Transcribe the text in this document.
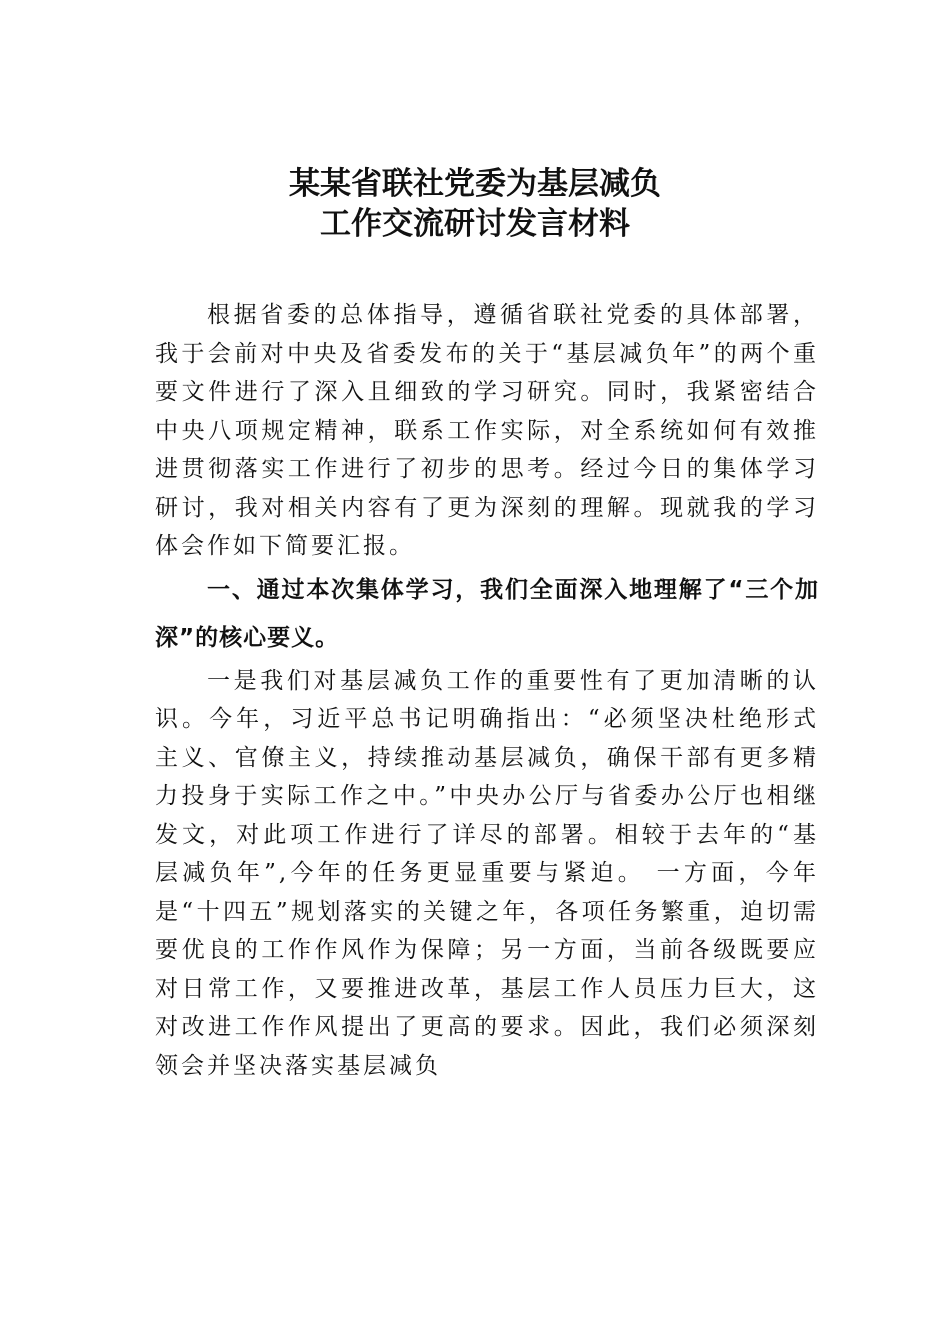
某某省联社党委为基层减负
工作交流研讨发言材料

根据省委的总体指导，遵循省联社党委的具体部署，我于会前对中央及省委发布的关于“基层减负年”的两个重要文件进行了深入且细致的学习研究。同时，我紧密结合中央八项规定精神，联系工作实际，对全系统如何有效推进贯彻落实工作进行了初步的思考。经过今日的集体学习研讨，我对相关内容有了更为深刻的理解。现就我的学习体会作如下简要汇报。

一、通过本次集体学习，我们全面深入地理解了“三个加深”的核心要义。

一是我们对基层减负工作的重要性有了更加清晰的认识。今年，习近平总书记明确指出：“必须坚决杜绝形式主义、官僚主义，持续推动基层减负，确保干部有更多精力投身于实际工作之中。”中央办公厅与省委办公厅也相继发文，对此项工作进行了详尽的部署。相较于去年的“基层减负年”,今年的任务更显重要与紧迫。 一方面，今年是“十四五”规划落实的关键之年，各项任务繁重，迫切需要优良的工作作风作为保障；另一方面，当前各级既要应对日常工作，又要推进改革，基层工作人员压力巨大，这对改进工作作风提出了更高的要求。因此，我们必须深刻领会并坚决落实基层减负
